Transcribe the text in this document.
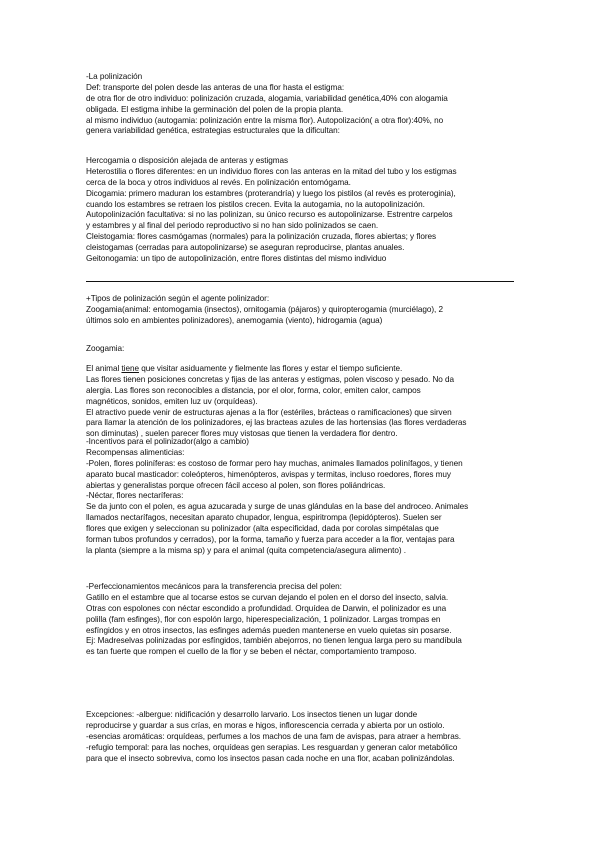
-La polinización
Def: transporte del polen desde las anteras de una flor hasta el estigma:
de otra flor de otro individuo: polinización cruzada, alogamia, variabilidad genética,40% con alogamia
obligada. El estigma inhibe la germinación del polen de la propia planta.
al mismo individuo (autogamia: polinización entre la misma flor). Autopolización( a otra flor):40%, no
genera variabilidad genética, estrategias estructurales que la dificultan:
Hercogamia o disposición alejada de anteras y estigmas
Heterostilia o flores diferentes: en un individuo flores con las anteras en la mitad del tubo y los estigmas
cerca de la boca y otros individuos al revés. En polinización entomógama.
Dicogamia: primero maduran los estambres (proterandría) y luego los pistilos (al revés es proteroginia),
cuando los estambres se retraen los pistilos crecen. Evita la autogamia, no la autopolinización.
Autopolinización facultativa: si no las polinizan, su único recurso es autopolinizarse. Estrentre carpelos
y estambres y al final del periodo reproductivo si no han sido polinizados se caen.
Cleistogamia: flores casmógamas (normales) para la polinización cruzada, flores abiertas; y flores
cleistogamas (cerradas para autopolinizarse) se aseguran reproducirse, plantas anuales.
Geitonogamia: un tipo de autopolinización, entre flores distintas del mismo individuo
+Tipos de polinización según el agente polinizador:
Zoogamia(animal: entomogamia (insectos), ornitogamia (pájaros) y quiropterogamia (murciélago), 2
últimos solo en ambientes polinizadores), anemogamia (viento), hidrogamia (agua)
Zoogamia:
El animal tiene que visitar asiduamente y fielmente las flores y estar el tiempo suficiente.
Las flores tienen posiciones concretas y fijas de las anteras y estigmas, polen viscoso y pesado. No da
alergia. Las flores son reconocibles a distancia, por el olor, forma, color, emiten calor, campos
magnéticos, sonidos, emiten luz uv (orquídeas).
El atractivo puede venir de estructuras ajenas a la flor (estériles, brácteas o ramificaciones) que sirven
para llamar la atención de los polinizadores, ej las bracteas azules de las hortensias (las flores verdaderas
son diminutas) , suelen parecer flores muy vistosas que tienen la verdadera flor dentro.
-Incentivos para el polinizador(algo a cambio)
Recompensas alimenticias:
-Polen, flores poliníferas: es costoso de formar pero hay muchas, animales llamados polinífagos, y tienen
aparato bucal masticador: coleópteros, himenópteros, avispas y termitas, incluso roedores, flores muy
abiertas y generalistas porque ofrecen fácil acceso al polen, son flores poliándricas.
-Néctar, flores nectaríferas:
Se da junto con el polen, es agua azucarada y surge de unas glándulas en la base del androceo. Animales
llamados nectarífagos, necesitan aparato chupador, lengua, espiritrompa (lepidópteros). Suelen ser
flores que exigen y seleccionan su polinizador (alta especificidad, dada por corolas simpétalas que
forman tubos profundos y cerrados), por la forma, tamaño y fuerza para acceder a la flor, ventajas para
la planta (siempre a la misma sp) y para el animal (quita competencia/asegura alimento) .
-Perfeccionamientos mecánicos para la transferencia precisa del polen:
Gatillo en el estambre que al tocarse estos se curvan dejando el polen en el dorso del insecto, salvia.
Otras con espolones con néctar escondido a profundidad. Orquídea de Darwin, el polinizador es una
polilla (fam esfinges), flor con espolón largo, hiperespecialización, 1 polinizador. Largas trompas en
esfíngidos y en otros insectos, las esfinges además pueden mantenerse en vuelo quietas sin posarse.
Ej: Madreselvas polinizadas por esfíngidos, también abejorros, no tienen lengua larga pero su mandíbula
es tan fuerte que rompen el cuello de la flor y se beben el néctar, comportamiento tramposo.
Excepciones: -albergue: nidificación y desarrollo larvario. Los insectos tienen un lugar donde
reproducirse y guardar a sus crías, en moras e higos, inflorescencia cerrada y abierta por un ostiolo.
-esencias aromáticas: orquídeas, perfumes a los machos de una fam de avispas, para atraer a hembras.
-refugio temporal: para las noches, orquídeas gen serapias. Les resguardan y generan calor metabólico
para que el insecto sobreviva, como los insectos pasan cada noche en una flor, acaban polinizándolas.
